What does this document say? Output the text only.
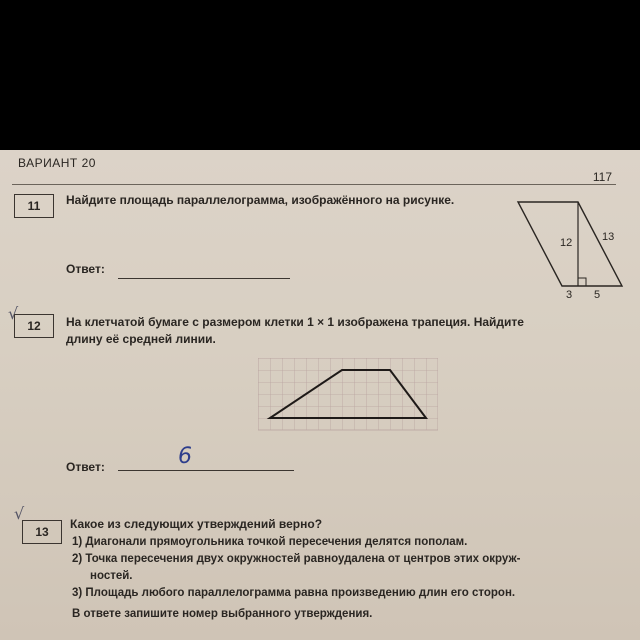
ВАРИАНТ 20
117
11	Найдите площадь параллелограмма, изображённого на рисунке.
Ответ:
12	13
3 5
√
12	На клетчатой бумаге с размером клетки 1 × 1 изображена трапеция. Найдите
длину её средней линии.
Ответ:	6
√
13
Какое из следующих утверждений верно?
1) Диагонали прямоугольника точкой пересечения делятся пополам.
2) Точка пересечения двух окружностей равноудалена от центров этих окруж-
ностей.
3) Площадь любого параллелограмма равна произведению длин его сторон.
В ответе запишите номер выбранного утверждения.
